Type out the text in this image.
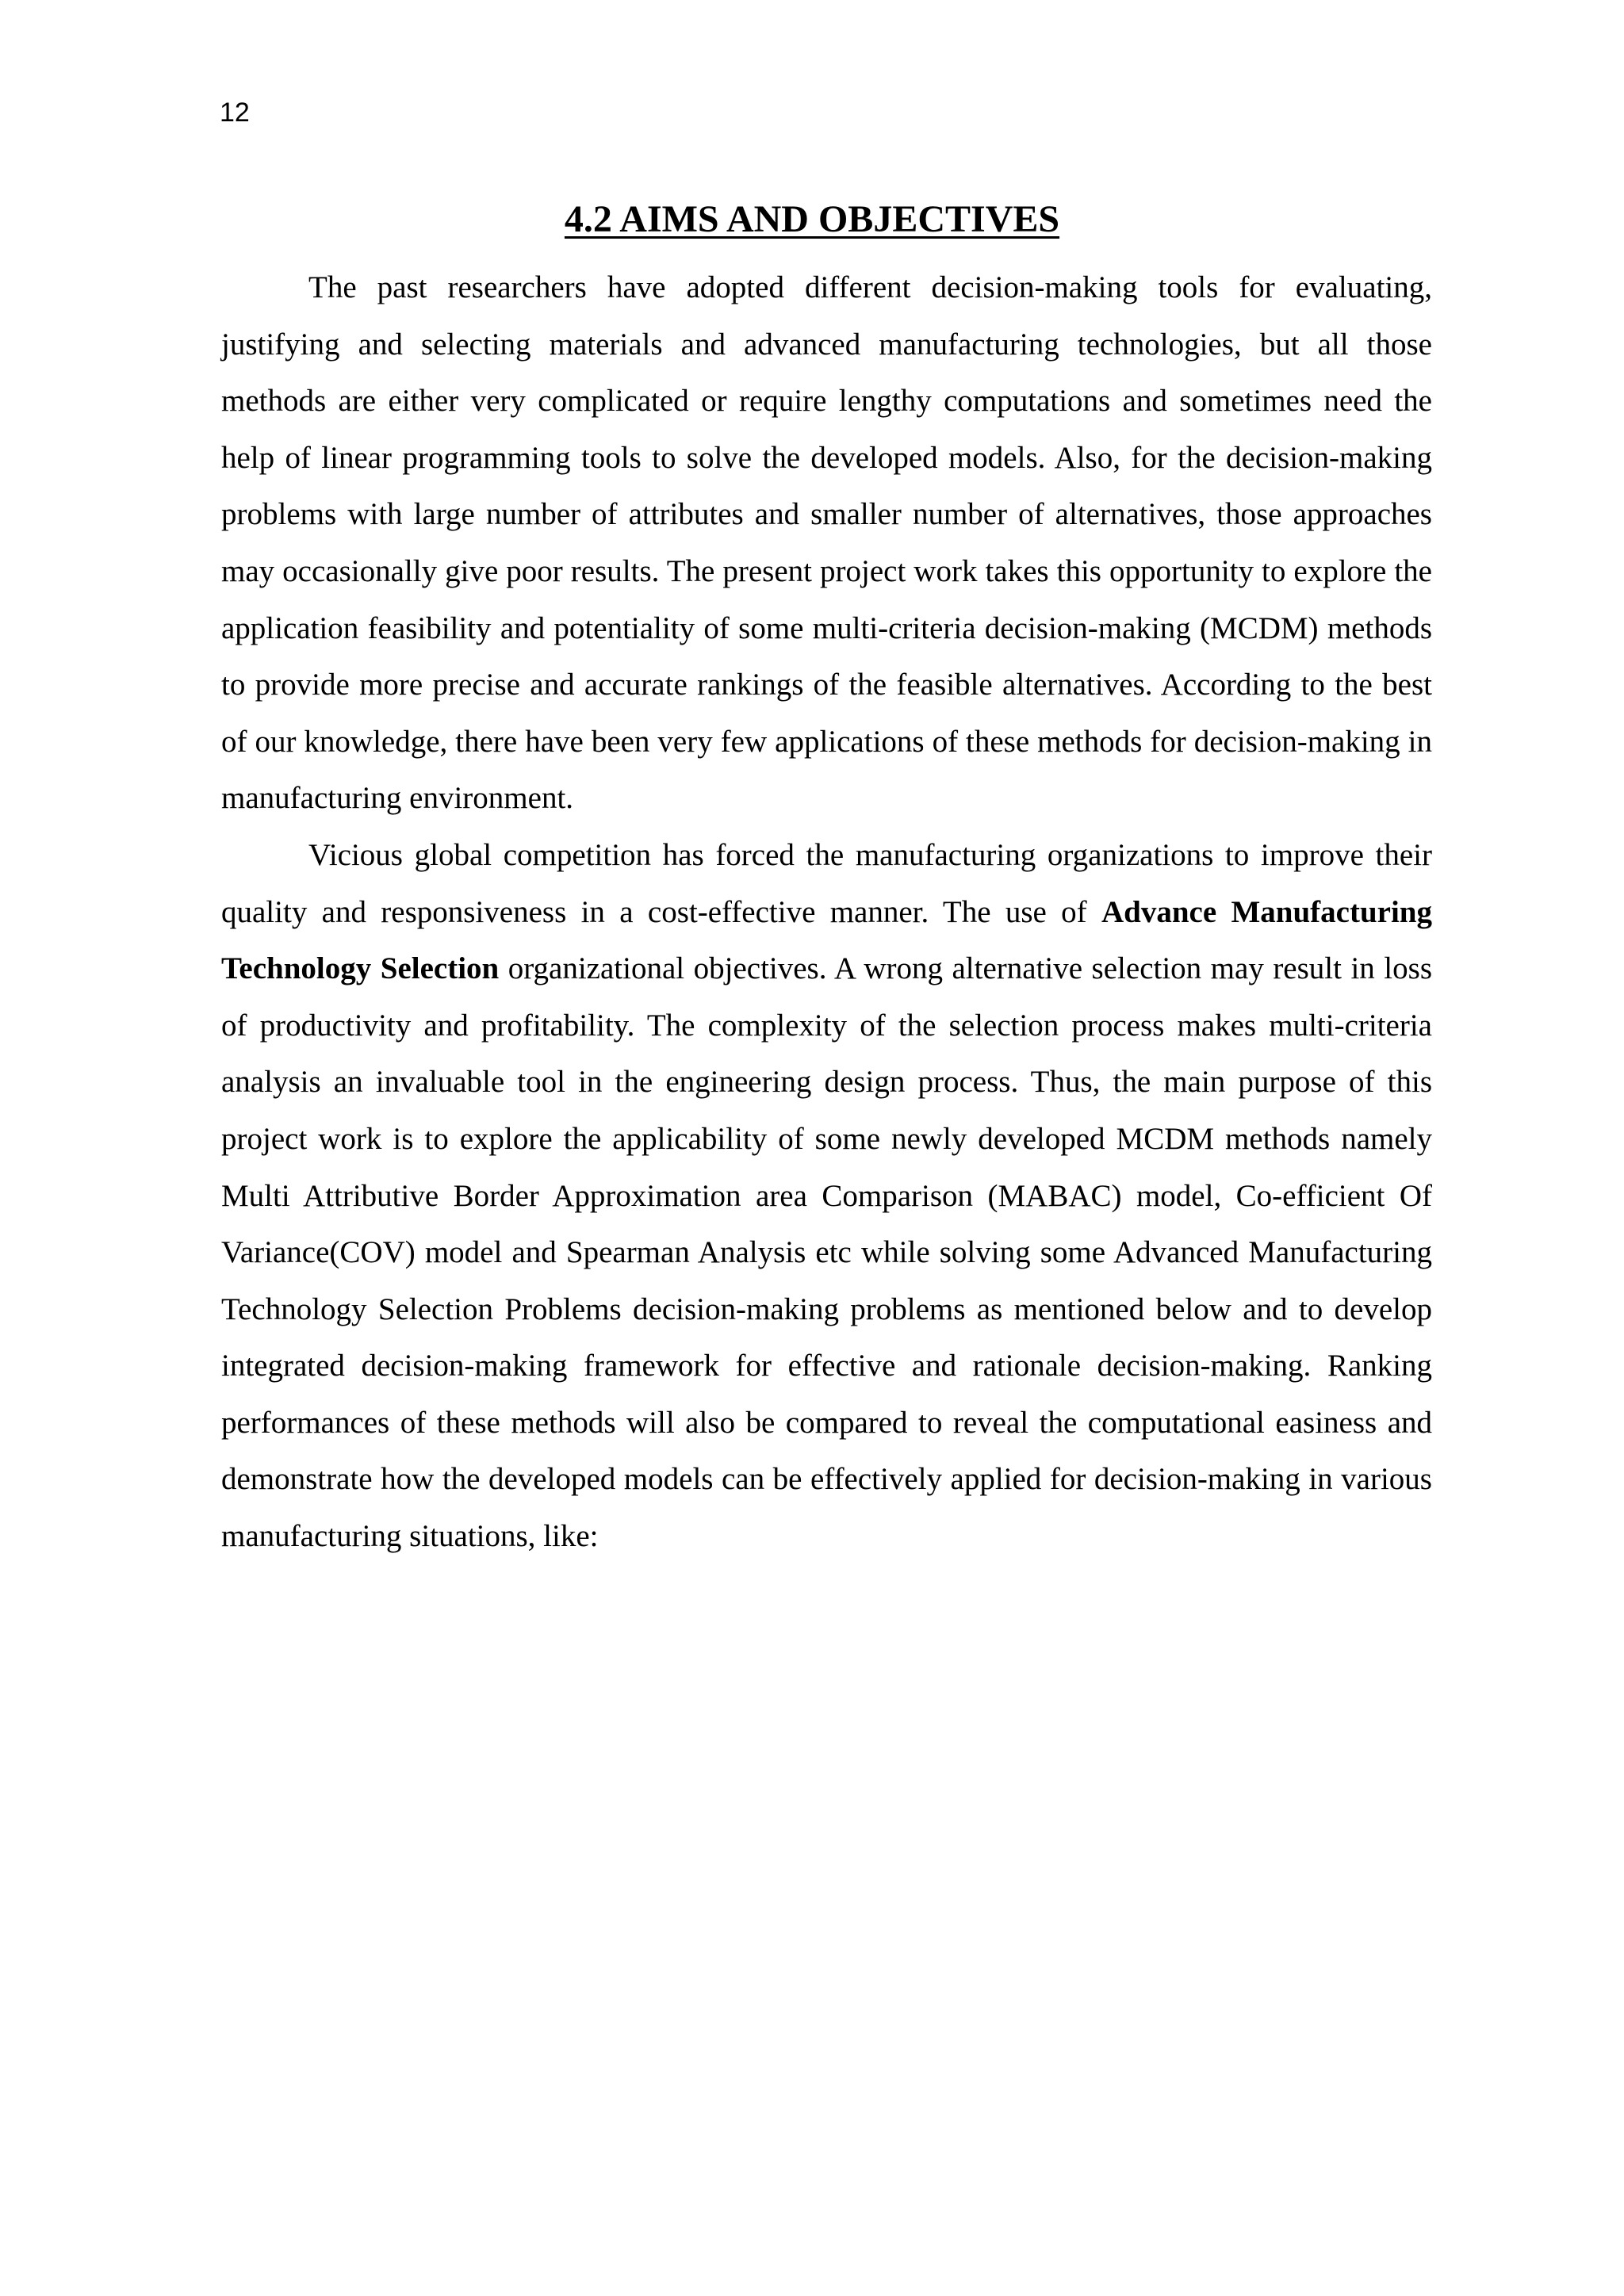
12
4.2 AIMS AND OBJECTIVES

The past researchers have adopted different decision-making tools for evaluating, justifying and selecting materials and advanced manufacturing technologies, but all those methods are either very complicated or require lengthy computations and sometimes need the help of linear programming tools to solve the developed models. Also, for the decision-making problems with large number of attributes and smaller number of alternatives, those approaches may occasionally give poor results. The present project work takes this opportunity to explore the application feasibility and potentiality of some multi-criteria decision-making (MCDM) methods to provide more precise and accurate rankings of the feasible alternatives. According to the best of our knowledge, there have been very few applications of these methods for decision-making in manufacturing environment.

Vicious global competition has forced the manufacturing organizations to improve their quality and responsiveness in a cost-effective manner. The use of Advance Manufacturing Technology Selection organizational objectives. A wrong alternative selection may result in loss of productivity and profitability. The complexity of the selection process makes multi-criteria analysis an invaluable tool in the engineering design process. Thus, the main purpose of this project work is to explore the applicability of some newly developed MCDM methods namely Multi Attributive Border Approximation area Comparison (MABAC) model, Co-efficient Of Variance(COV) model and Spearman Analysis etc while solving some Advanced Manufacturing Technology Selection Problems decision-making problems as mentioned below and to develop integrated decision-making framework for effective and rationale decision-making. Ranking performances of these methods will also be compared to reveal the computational easiness and demonstrate how the developed models can be effectively applied for decision-making in various manufacturing situations, like:
